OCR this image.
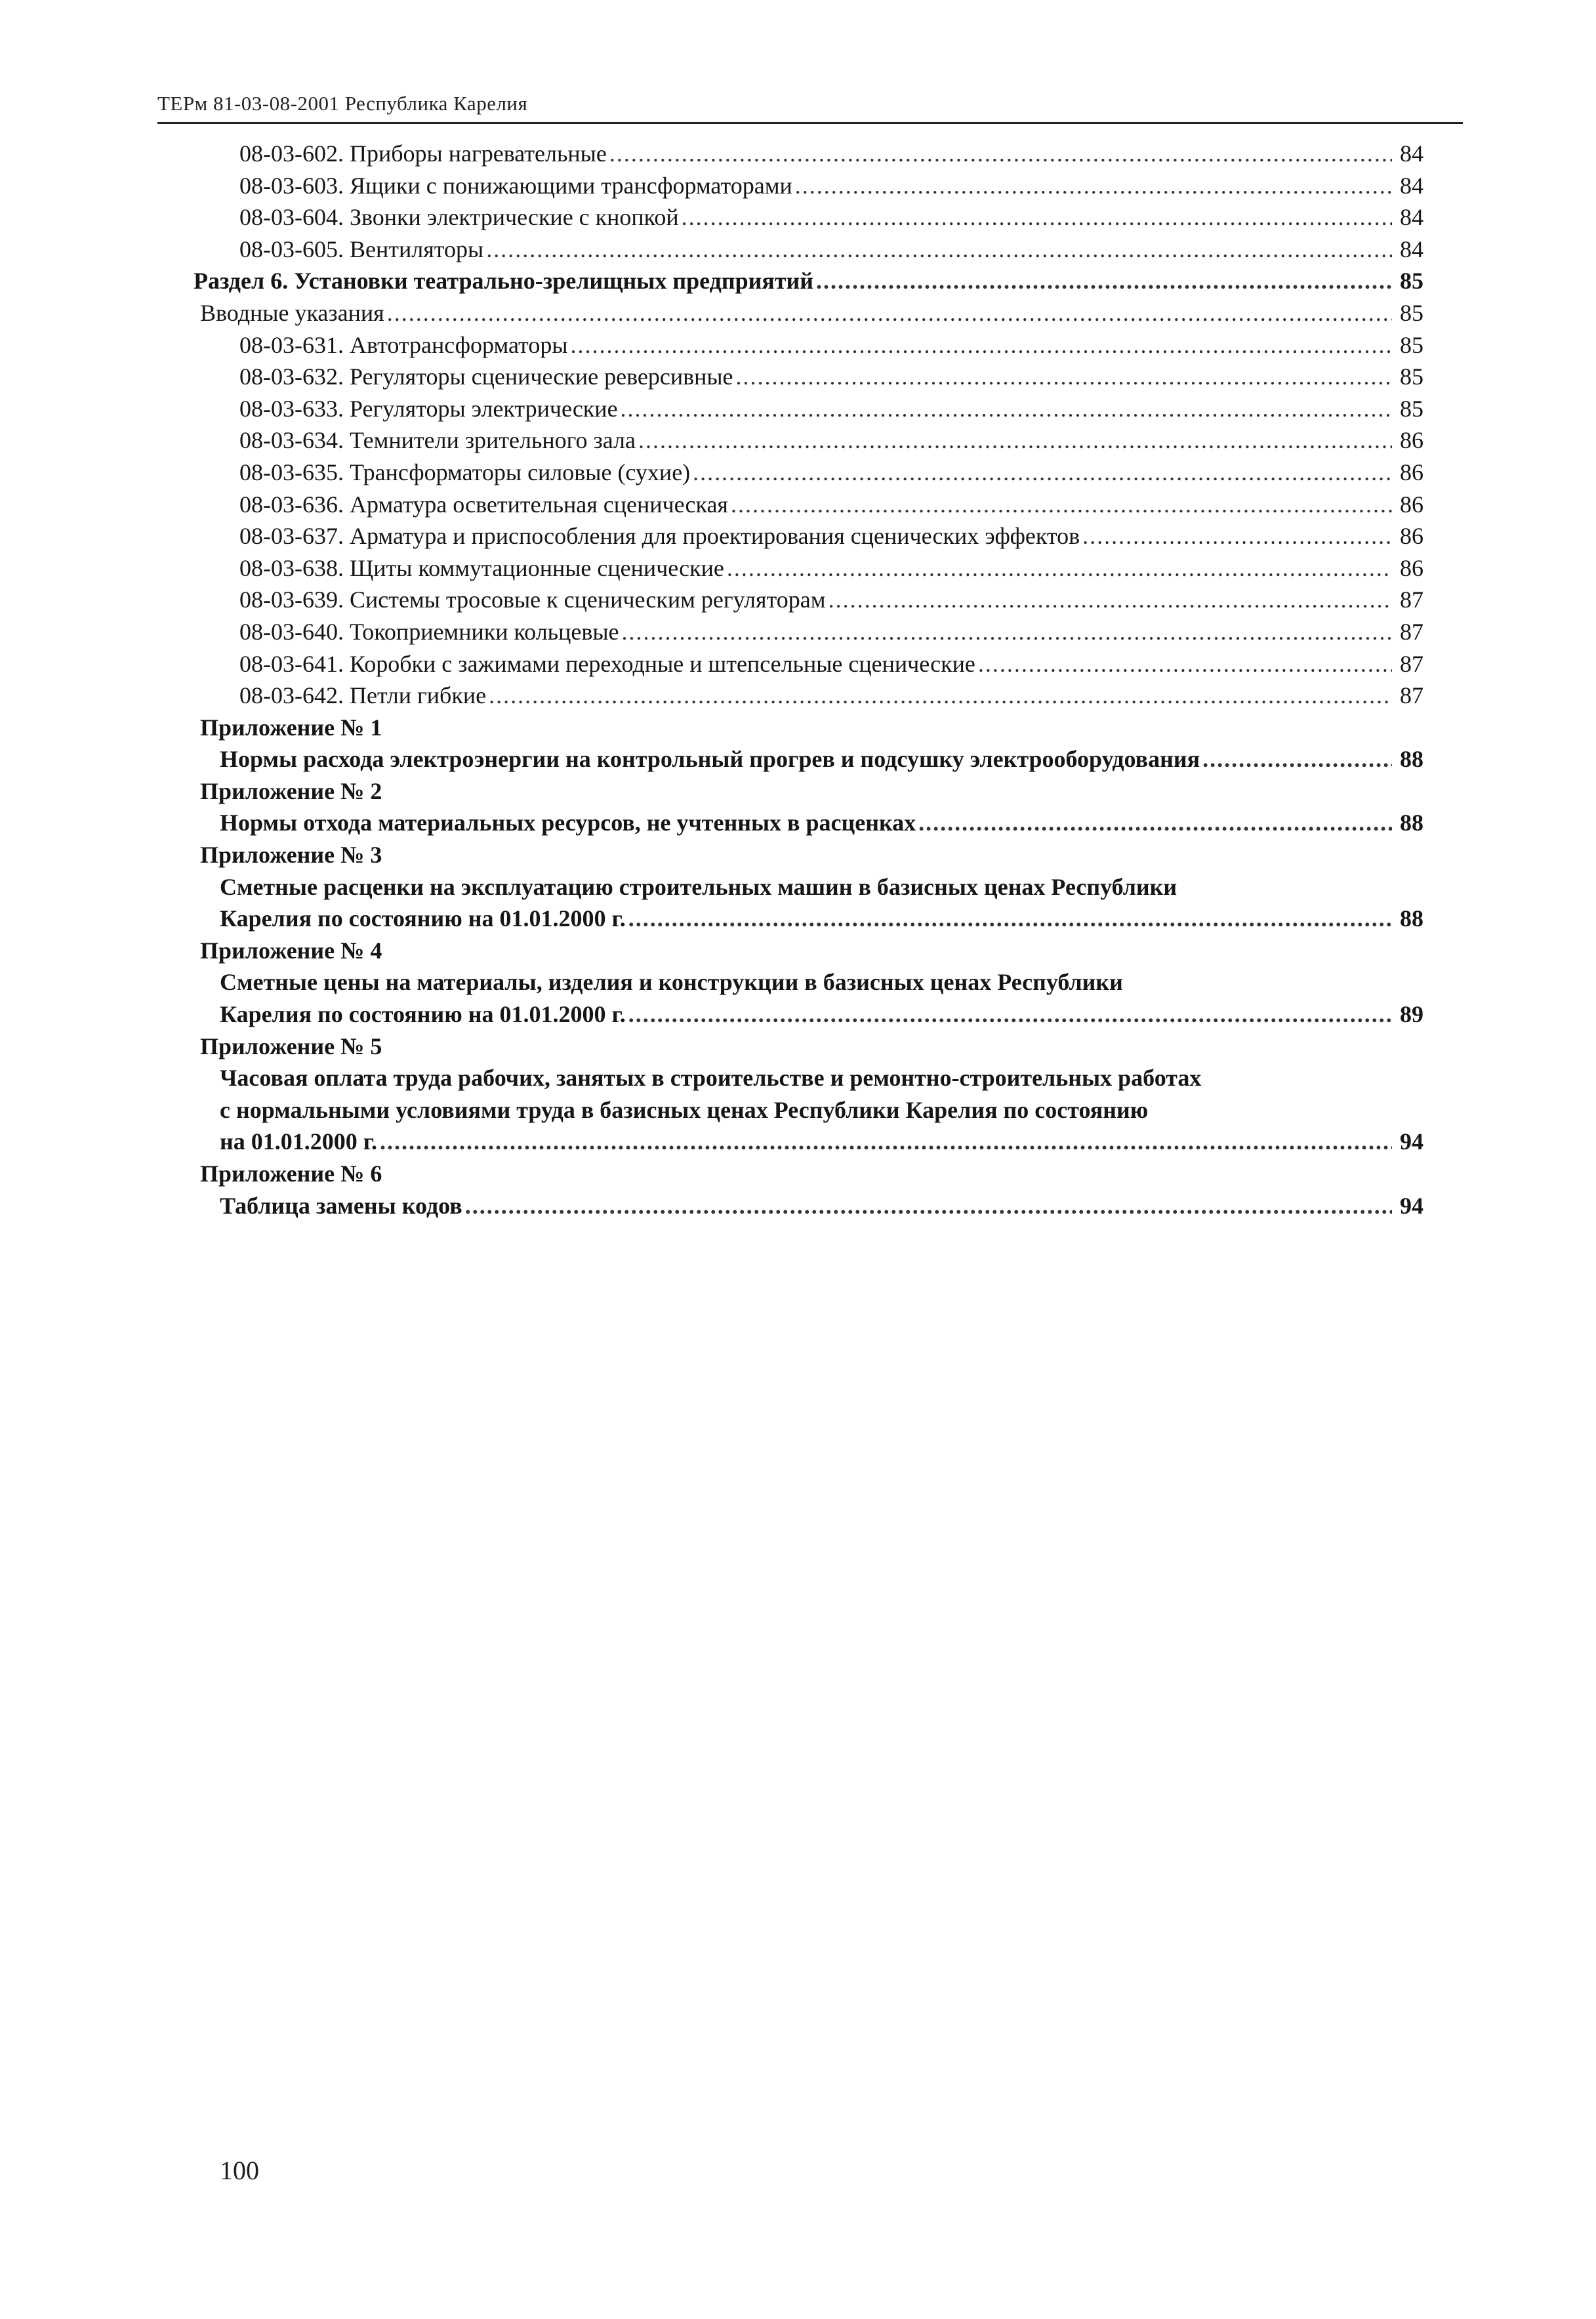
ТЕРм 81-03-08-2001 Республика Карелия
08-03-602. Приборы нагревательные .....	84
08-03-603. Ящики с понижающими трансформаторами .....	84
08-03-604. Звонки электрические с кнопкой .....	84
08-03-605. Вентиляторы .....	84
Раздел 6. Установки театрально-зрелищных предприятий .....	85
Вводные указания .....	85
08-03-631. Автотрансформаторы .....	85
08-03-632. Регуляторы сценические реверсивные .....	85
08-03-633. Регуляторы электрические .....	85
08-03-634. Темнители зрительного зала .....	86
08-03-635. Трансформаторы силовые (сухие) .....	86
08-03-636. Арматура осветительная сценическая .....	86
08-03-637. Арматура и приспособления для проектирования сценических эффектов .....	86
08-03-638. Щиты коммутационные сценические .....	86
08-03-639. Системы тросовые к сценическим регуляторам .....	87
08-03-640. Токоприемники кольцевые .....	87
08-03-641. Коробки с зажимами переходные и штепсельные сценические .....	87
08-03-642. Петли гибкие .....	87
Приложение № 1
Нормы расхода электроэнергии на контрольный прогрев и подсушку электрооборудования .....	88
Приложение № 2
Нормы отхода материальных ресурсов, не учтенных в расценках .....	88
Приложение № 3
Сметные расценки на эксплуатацию строительных машин в базисных ценах Республики
Карелия по состоянию на 01.01.2000 г. .....	88
Приложение № 4
Сметные цены на материалы, изделия и конструкции в базисных ценах Республики
Карелия по состоянию на 01.01.2000 г. .....	89
Приложение № 5
Часовая оплата труда рабочих, занятых в строительстве и ремонтно-строительных работах
с нормальными условиями труда в базисных ценах Республики Карелия по состоянию
на 01.01.2000 г. .....	94
Приложение № 6
Таблица замены кодов .....	94
100
